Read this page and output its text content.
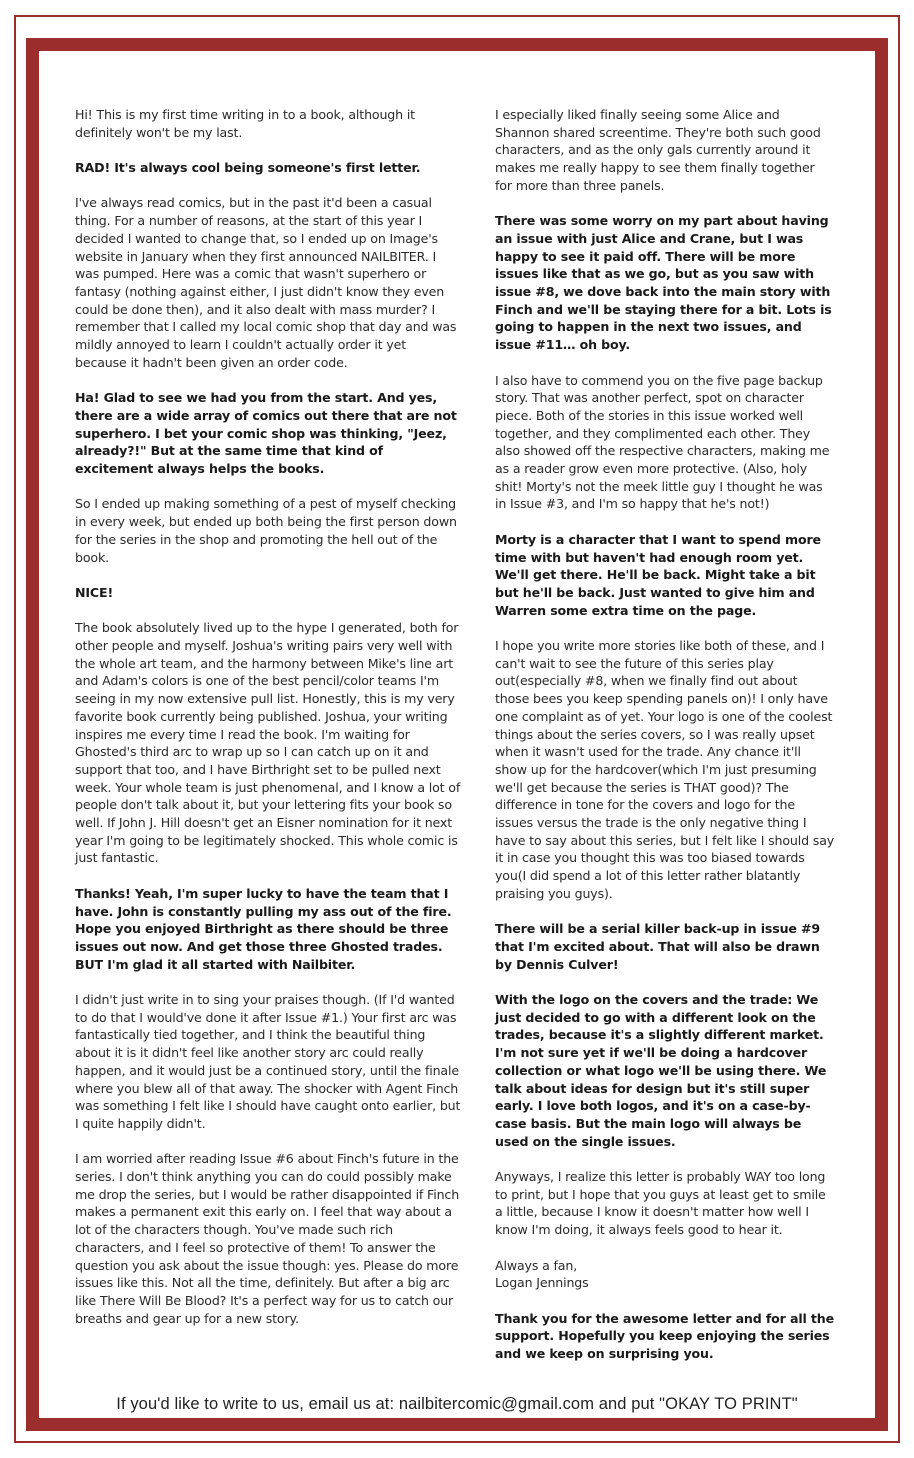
Hi! This is my first time writing in to a book, although it definitely won't be my last.

RAD! It's always cool being someone's first letter.

I've always read comics, but in the past it'd been a casual thing. For a number of reasons, at the start of this year I decided I wanted to change that, so I ended up on Image's website in January when they first announced NAILBITER. I was pumped. Here was a comic that wasn't superhero or fantasy (nothing against either, I just didn't know they even could be done then), and it also dealt with mass murder? I remember that I called my local comic shop that day and was mildly annoyed to learn I couldn't actually order it yet because it hadn't been given an order code.

Ha! Glad to see we had you from the start. And yes, there are a wide array of comics out there that are not superhero. I bet your comic shop was thinking, "Jeez, already?!" But at the same time that kind of excitement always helps the books.

So I ended up making something of a pest of myself checking in every week, but ended up both being the first person down for the series in the shop and promoting the hell out of the book.

NICE!

The book absolutely lived up to the hype I generated, both for other people and myself. Joshua's writing pairs very well with the whole art team, and the harmony between Mike's line art and Adam's colors is one of the best pencil/color teams I'm seeing in my now extensive pull list. Honestly, this is my very favorite book currently being published. Joshua, your writing inspires me every time I read the book. I'm waiting for Ghosted's third arc to wrap up so I can catch up on it and support that too, and I have Birthright set to be pulled next week. Your whole team is just phenomenal, and I know a lot of people don't talk about it, but your lettering fits your book so well. If John J. Hill doesn't get an Eisner nomination for it next year I'm going to be legitimately shocked. This whole comic is just fantastic.

Thanks! Yeah, I'm super lucky to have the team that I have. John is constantly pulling my ass out of the fire. Hope you enjoyed Birthright as there should be three issues out now. And get those three Ghosted trades. BUT I'm glad it all started with Nailbiter.

I didn't just write in to sing your praises though. (If I'd wanted to do that I would've done it after Issue #1.) Your first arc was fantastically tied together, and I think the beautiful thing about it is it didn't feel like another story arc could really happen, and it would just be a continued story, until the finale where you blew all of that away. The shocker with Agent Finch was something I felt like I should have caught onto earlier, but I quite happily didn't.

I am worried after reading Issue #6 about Finch's future in the series. I don't think anything you can do could possibly make me drop the series, but I would be rather disappointed if Finch makes a permanent exit this early on. I feel that way about a lot of the characters though. You've made such rich characters, and I feel so protective of them! To answer the question you ask about the issue though: yes. Please do more issues like this. Not all the time, definitely. But after a big arc like There Will Be Blood? It's a perfect way for us to catch our breaths and gear up for a new story.

I especially liked finally seeing some Alice and Shannon shared screentime. They're both such good characters, and as the only gals currently around it makes me really happy to see them finally together for more than three panels.

There was some worry on my part about having an issue with just Alice and Crane, but I was happy to see it paid off. There will be more issues like that as we go, but as you saw with issue #8, we dove back into the main story with Finch and we'll be staying there for a bit. Lots is going to happen in the next two issues, and issue #11… oh boy.

I also have to commend you on the five page backup story. That was another perfect, spot on character piece. Both of the stories in this issue worked well together, and they complimented each other. They also showed off the respective characters, making me as a reader grow even more protective. (Also, holy shit! Morty's not the meek little guy I thought he was in Issue #3, and I'm so happy that he's not!)

Morty is a character that I want to spend more time with but haven't had enough room yet. We'll get there. He'll be back. Might take a bit but he'll be back. Just wanted to give him and Warren some extra time on the page.

I hope you write more stories like both of these, and I can't wait to see the future of this series play out(especially #8, when we finally find out about those bees you keep spending panels on)! I only have one complaint as of yet. Your logo is one of the coolest things about the series covers, so I was really upset when it wasn't used for the trade. Any chance it'll show up for the hardcover(which I'm just presuming we'll get because the series is THAT good)? The difference in tone for the covers and logo for the issues versus the trade is the only negative thing I have to say about this series, but I felt like I should say it in case you thought this was too biased towards you(I did spend a lot of this letter rather blatantly praising you guys).

There will be a serial killer back-up in issue #9 that I'm excited about. That will also be drawn by Dennis Culver!

With the logo on the covers and the trade: We just decided to go with a different look on the trades, because it's a slightly different market. I'm not sure yet if we'll be doing a hardcover collection or what logo we'll be using there. We talk about ideas for design but it's still super early. I love both logos, and it's on a case-by-case basis. But the main logo will always be used on the single issues.

Anyways, I realize this letter is probably WAY too long to print, but I hope that you guys at least get to smile a little, because I know it doesn't matter how well I know I'm doing, it always feels good to hear it.

Always a fan,
Logan Jennings

Thank you for the awesome letter and for all the support. Hopefully you keep enjoying the series and we keep on surprising you.

If you'd like to write to us, email us at: nailbitercomic@gmail.com and put "OKAY TO PRINT"
